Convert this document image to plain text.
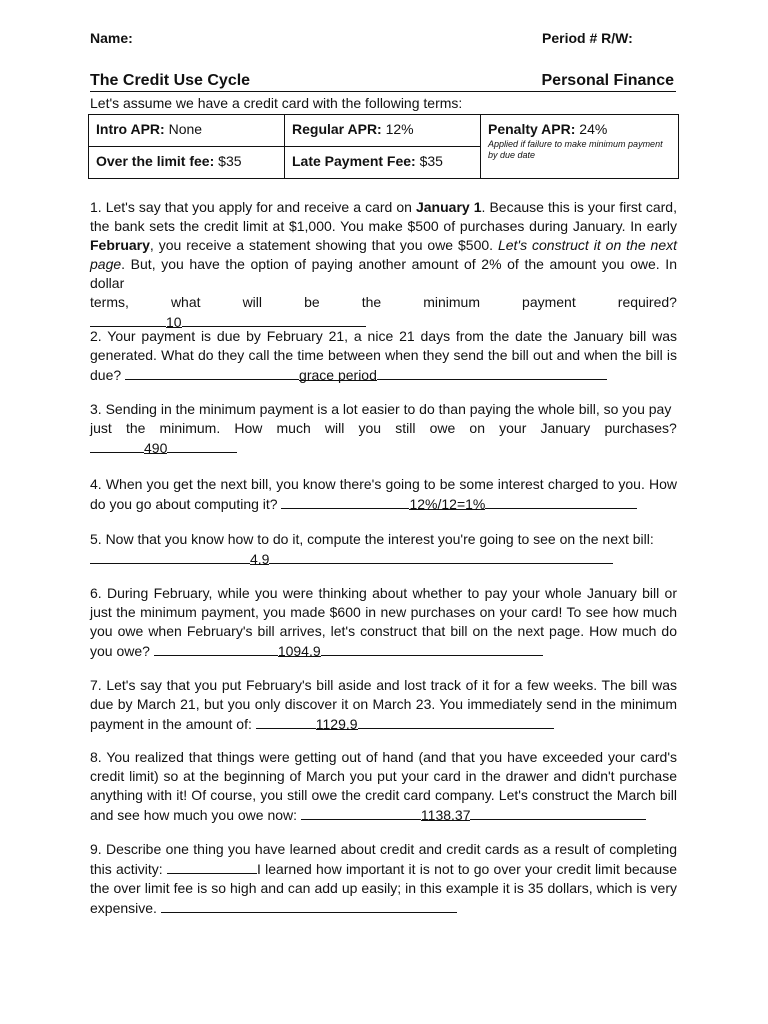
Name:	Period # R/W:
The Credit Use Cycle	Personal Finance
Let's assume we have a credit card with the following terms:
Intro APR: None	Regular APR: 12%	Penalty APR: 24%
Applied if failure to make minimum payment by due date

Over the limit fee: $35	Late Payment Fee: $35	

1. Let's say that you apply for and receive a card on January 1. Because this is your first card, the bank sets the credit limit at $1,000. You make $500 of purchases during January. In early February, you receive a statement showing that you owe $500. Let's construct it on the next page. But, you have the option of paying another amount of 2% of the amount you owe. In dollar

terms,	what	will	be	the	minimum	payment	required?
10
2. Your payment is due by February 21, a nice 21 days from the date the January bill was generated. What do they call the time between when they send the bill out and when the bill is due?	grace period
3. Sending in the minimum payment is a lot easier to do than paying the whole bill, so you pay
just the minimum. How much will you still owe on your January purchases?
490
4. When you get the next bill, you know there's going to be some interest charged to you. How do you go about computing it?	12%/12=1%
5. Now that you know how to do it, compute the interest you're going to see on the next bill:
4.9
6. During February, while you were thinking about whether to pay your whole January bill or just the minimum payment, you made $600 in new purchases on your card! To see how much you owe when February's bill arrives, let's construct that bill on the next page. How much do you owe?	1094.9
7. Let's say that you put February's bill aside and lost track of it for a few weeks. The bill was due by March 21, but you only discover it on March 23. You immediately send in the minimum payment in the amount of:	1129.9
8. You realized that things were getting out of hand (and that you have exceeded your card's credit limit) so at the beginning of March you put your card in the drawer and didn't purchase anything with it! Of course, you still owe the credit card company. Let's construct the March bill and see how much you owe now:	1138.37
9. Describe one thing you have learned about credit and credit cards as a result of completing this activity:	I learned how important it is not to go over your credit limit because the over limit fee is so high and can add up easily; in this example it is 35 dollars, which is very expensive.
